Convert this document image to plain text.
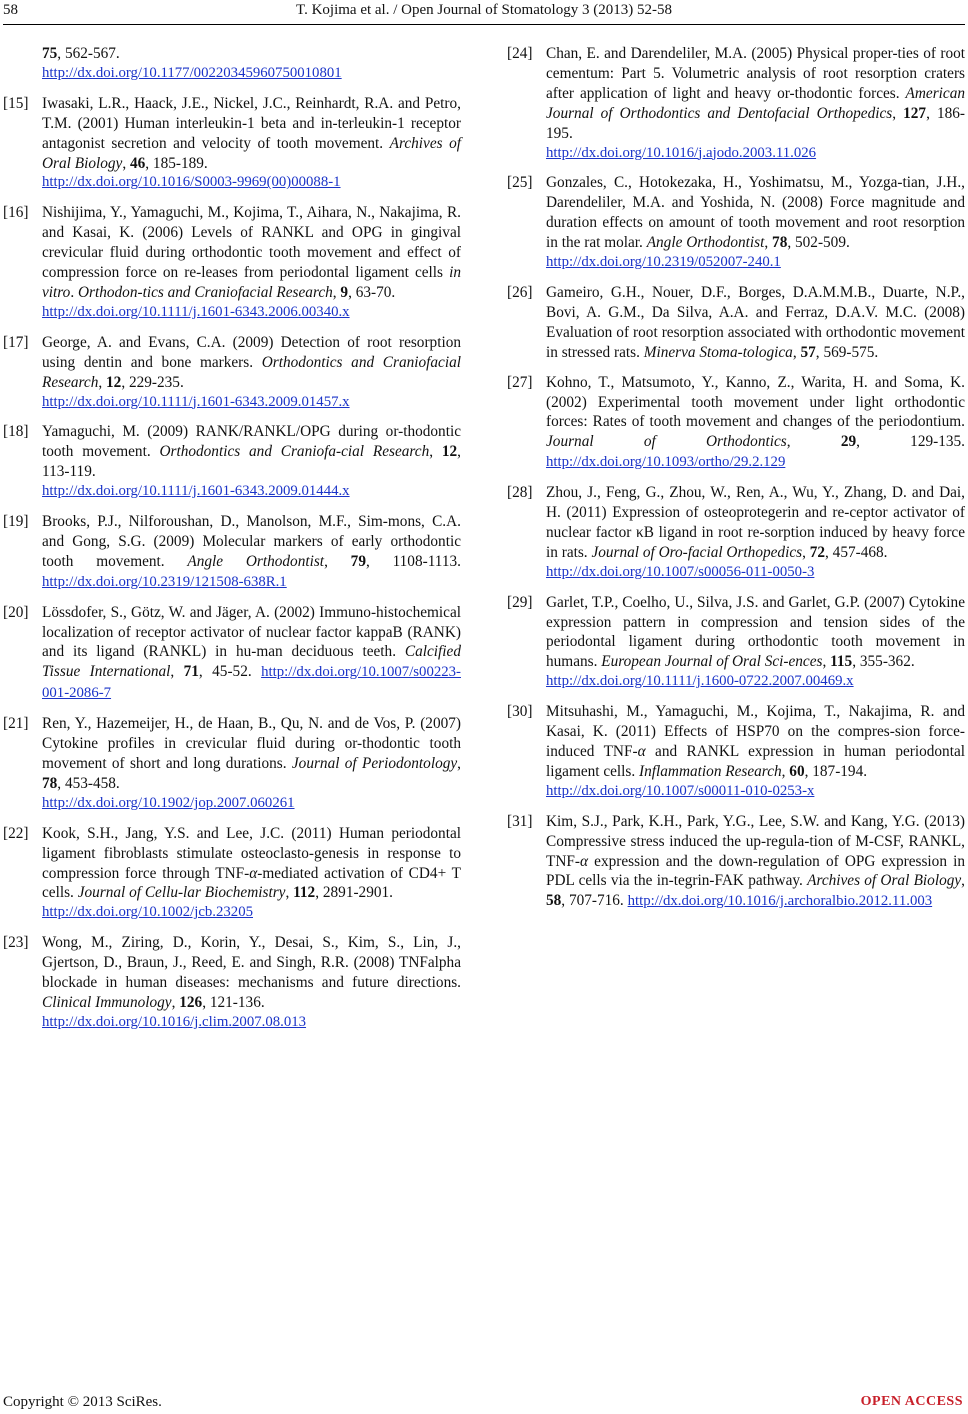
58	T. Kojima et al. / Open Journal of Stomatology 3 (2013) 52-58
75, 562-567.
http://dx.doi.org/10.1177/00220345960750010801
[15] Iwasaki, L.R., Haack, J.E., Nickel, J.C., Reinhardt, R.A. and Petro, T.M. (2001) Human interleukin-1 beta and in-terleukin-1 receptor antagonist secretion and velocity of tooth movement. Archives of Oral Biology, 46, 185-189.
http://dx.doi.org/10.1016/S0003-9969(00)00088-1
[16] Nishijima, Y., Yamaguchi, M., Kojima, T., Aihara, N., Nakajima, R. and Kasai, K. (2006) Levels of RANKL and OPG in gingival crevicular fluid during orthodontic tooth movement and effect of compression force on re-leases from periodontal ligament cells in vitro. Orthodon-tics and Craniofacial Research, 9, 63-70.
http://dx.doi.org/10.1111/j.1601-6343.2006.00340.x
[17] George, A. and Evans, C.A. (2009) Detection of root resorption using dentin and bone markers. Orthodontics and Craniofacial Research, 12, 229-235.
http://dx.doi.org/10.1111/j.1601-6343.2009.01457.x
[18] Yamaguchi, M. (2009) RANK/RANKL/OPG during or-thodontic tooth movement. Orthodontics and Craniofa-cial Research, 12, 113-119.
http://dx.doi.org/10.1111/j.1601-6343.2009.01444.x
[19] Brooks, P.J., Nilforoushan, D., Manolson, M.F., Sim-mons, C.A. and Gong, S.G. (2009) Molecular markers of early orthodontic tooth movement. Angle Orthodontist, 79, 1108-1113. http://dx.doi.org/10.2319/121508-638R.1
[20] Lössdofer, S., Götz, W. and Jäger, A. (2002) Immuno-histochemical localization of receptor activator of nuclear factor kappaB (RANK) and its ligand (RANKL) in hu-man deciduous teeth. Calcified Tissue International, 71, 45-52. http://dx.doi.org/10.1007/s00223-001-2086-7
[21] Ren, Y., Hazemeijer, H., de Haan, B., Qu, N. and de Vos, P. (2007) Cytokine profiles in crevicular fluid during or-thodontic tooth movement of short and long durations. Journal of Periodontology, 78, 453-458.
http://dx.doi.org/10.1902/jop.2007.060261
[22] Kook, S.H., Jang, Y.S. and Lee, J.C. (2011) Human periodontal ligament fibroblasts stimulate osteoclasto-genesis in response to compression force through TNF-α-mediated activation of CD4+ T cells. Journal of Cellu-lar Biochemistry, 112, 2891-2901.
http://dx.doi.org/10.1002/jcb.23205
[23] Wong, M., Ziring, D., Korin, Y., Desai, S., Kim, S., Lin, J., Gjertson, D., Braun, J., Reed, E. and Singh, R.R. (2008) TNFalpha blockade in human diseases: mechanisms and future directions. Clinical Immunology, 126, 121-136.
http://dx.doi.org/10.1016/j.clim.2007.08.013
[24] Chan, E. and Darendeliler, M.A. (2005) Physical proper-ties of root cementum: Part 5. Volumetric analysis of root resorption craters after application of light and heavy or-thodontic forces. American Journal of Orthodontics and Dentofacial Orthopedics, 127, 186-195.
http://dx.doi.org/10.1016/j.ajodo.2003.11.026
[25] Gonzales, C., Hotokezaka, H., Yoshimatsu, M., Yozga-tian, J.H., Darendeliler, M.A. and Yoshida, N. (2008) Force magnitude and duration effects on amount of tooth movement and root resorption in the rat molar. Angle Orthodontist, 78, 502-509.
http://dx.doi.org/10.2319/052007-240.1
[26] Gameiro, G.H., Nouer, D.F., Borges, D.A.M.M.B., Duarte, N.P., Bovi, A. G.M., Da Silva, A.A. and Ferraz, D.A.V. M.C. (2008) Evaluation of root resorption associated with orthodontic movement in stressed rats. Minerva Stoma-tologica, 57, 569-575.
[27] Kohno, T., Matsumoto, Y., Kanno, Z., Warita, H. and Soma, K. (2002) Experimental tooth movement under light orthodontic forces: Rates of tooth movement and changes of the periodontium. Journal of Orthodontics, 29, 129-135. http://dx.doi.org/10.1093/ortho/29.2.129
[28] Zhou, J., Feng, G., Zhou, W., Ren, A., Wu, Y., Zhang, D. and Dai, H. (2011) Expression of osteoprotegerin and re-ceptor activator of nuclear factor κB ligand in root re-sorption induced by heavy force in rats. Journal of Oro-facial Orthopedics, 72, 457-468.
http://dx.doi.org/10.1007/s00056-011-0050-3
[29] Garlet, T.P., Coelho, U., Silva, J.S. and Garlet, G.P. (2007) Cytokine expression pattern in compression and tension sides of the periodontal ligament during orthodontic tooth movement in humans. European Journal of Oral Sci-ences, 115, 355-362.
http://dx.doi.org/10.1111/j.1600-0722.2007.00469.x
[30] Mitsuhashi, M., Yamaguchi, M., Kojima, T., Nakajima, R. and Kasai, K. (2011) Effects of HSP70 on the compres-sion force-induced TNF-α and RANKL expression in human periodontal ligament cells. Inflammation Research, 60, 187-194.
http://dx.doi.org/10.1007/s00011-010-0253-x
[31] Kim, S.J., Park, K.H., Park, Y.G., Lee, S.W. and Kang, Y.G. (2013) Compressive stress induced the up-regula-tion of M-CSF, RANKL, TNF-α expression and the down-regulation of OPG expression in PDL cells via the in-tegrin-FAK pathway. Archives of Oral Biology, 58, 707-716. http://dx.doi.org/10.1016/j.archoralbio.2012.11.003
Copyright © 2013 SciRes.	OPEN ACCESS
